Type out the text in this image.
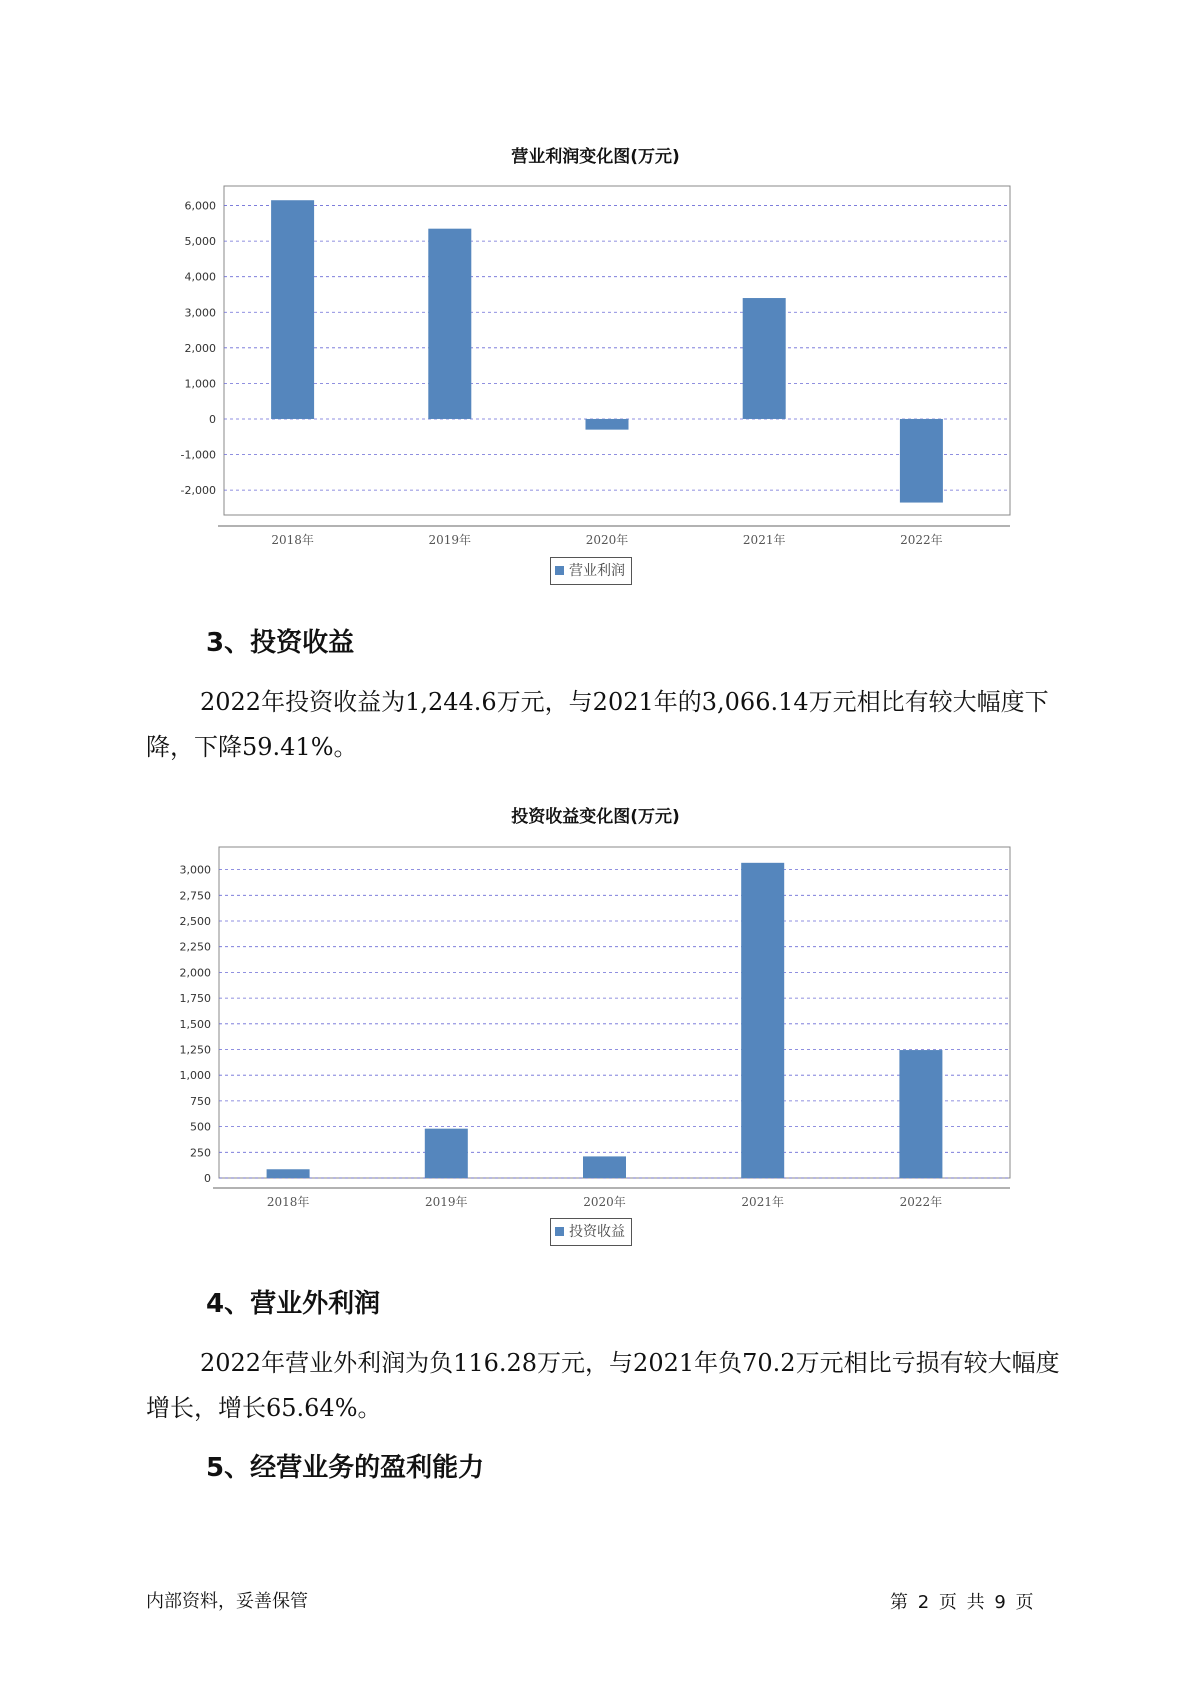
营业利润变化图(万元)
-2,000
-1,000
0
1,000
2,000
3,000
4,000
5,000
6,000
2018年	2019年	2020年	2021年	2022年
营业利润
3、投资收益

2022年投资收益为1,244.6万元，与2021年的3,066.14万元相比有较大幅度下降，下降59.41%。

投资收益变化图(万元)
0
250
500
750
1,000
1,250
1,500
1,750
2,000
2,250
2,500
2,750
3,000
2018年	2019年	2020年	2021年	2022年
投资收益
4、营业外利润

2022年营业外利润为负116.28万元，与2021年负70.2万元相比亏损有较大幅度增长，增长65.64%。

5、经营业务的盈利能力
内部资料，妥善保管	第 2 页 共 9 页
